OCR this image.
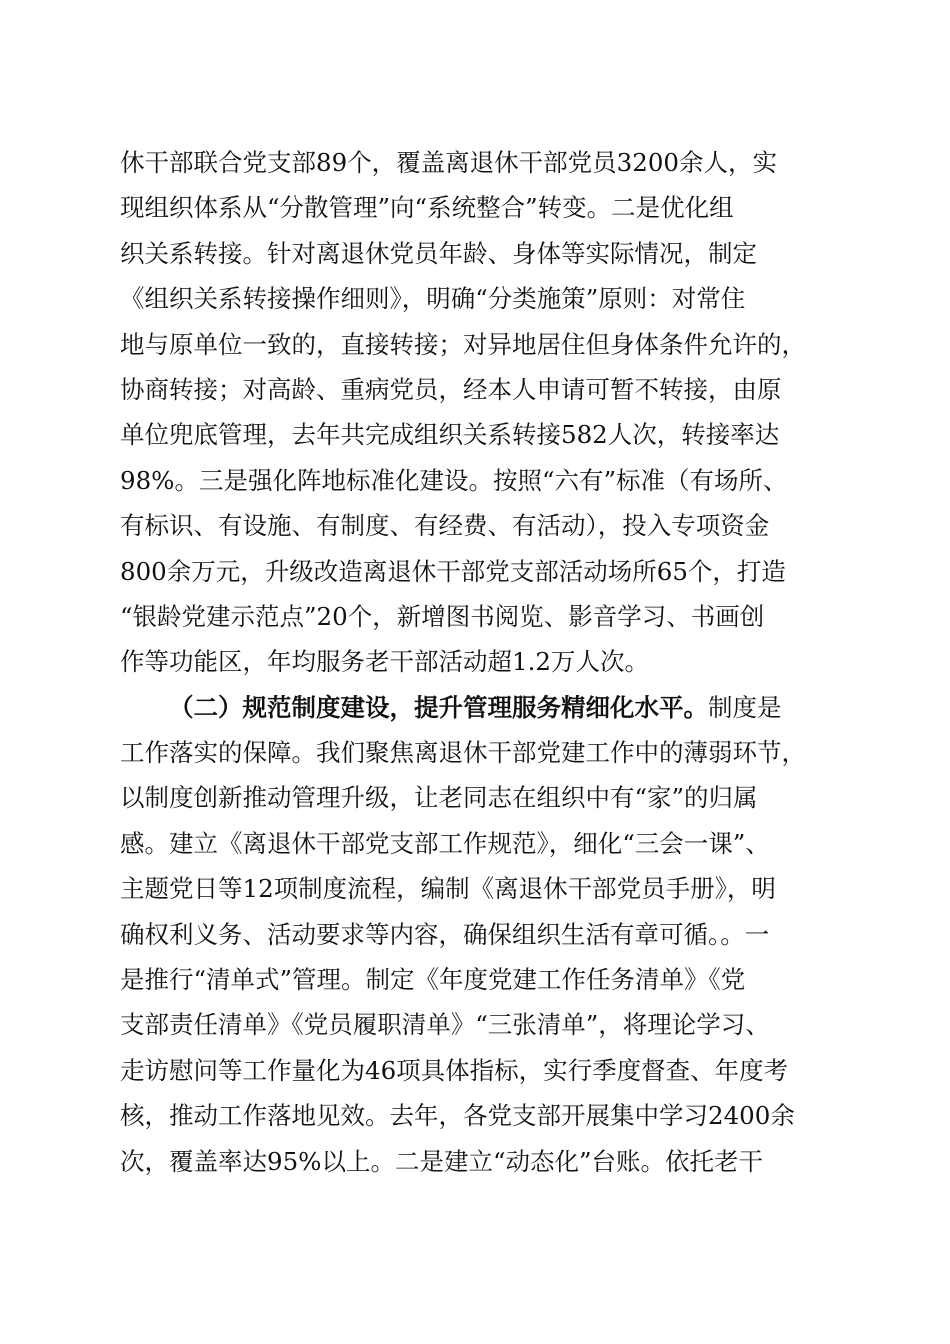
休干部联合党支部89个，覆盖离退休干部党员3200余人，实
现组织体系从“分散管理”向“系统整合”转变。二是优化组
织关系转接。针对离退休党员年龄、身体等实际情况，制定
《组织关系转接操作细则》，明确“分类施策”原则：对常住
地与原单位一致的，直接转接；对异地居住但身体条件允许的，
协商转接；对高龄、重病党员，经本人申请可暂不转接，由原
单位兜底管理，去年共完成组织关系转接582人次，转接率达
98%。三是强化阵地标准化建设。按照“六有”标准（有场所、
有标识、有设施、有制度、有经费、有活动），投入专项资金
800余万元，升级改造离退休干部党支部活动场所65个，打造
“银龄党建示范点”20个，新增图书阅览、影音学习、书画创
作等功能区，年均服务老干部活动超1.2万人次。
（二）规范制度建设，提升管理服务精细化水平。制度是
工作落实的保障。我们聚焦离退休干部党建工作中的薄弱环节，
以制度创新推动管理升级，让老同志在组织中有“家”的归属
感。建立《离退休干部党支部工作规范》，细化“三会一课”、
主题党日等12项制度流程，编制《离退休干部党员手册》，明
确权利义务、活动要求等内容，确保组织生活有章可循。。一
是推行“清单式”管理。制定《年度党建工作任务清单》《党
支部责任清单》《党员履职清单》“三张清单”，将理论学习、
走访慰问等工作量化为46项具体指标，实行季度督查、年度考
核，推动工作落地见效。去年，各党支部开展集中学习2400余
次，覆盖率达95%以上。二是建立“动态化”台账。依托老干
